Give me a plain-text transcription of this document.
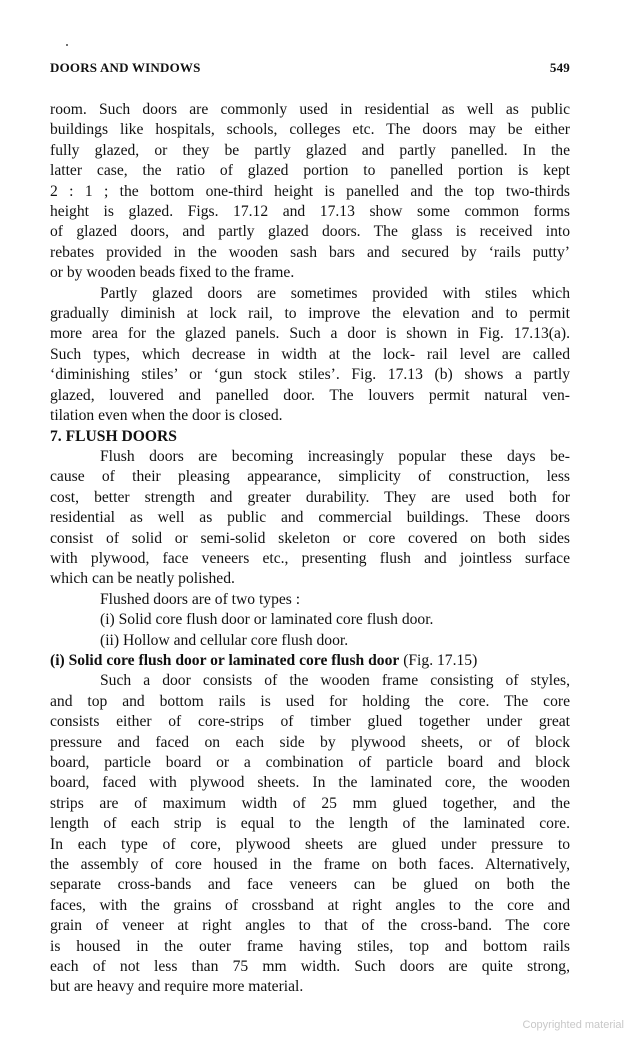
DOORS AND WINDOWS	549
room. Such doors are commonly used in residential as well as public
buildings like hospitals, schools, colleges etc. The doors may be either
fully glazed, or they be partly glazed and partly panelled. In the
latter case, the ratio of glazed portion to panelled portion is kept
2 : 1 ; the bottom one-third height is panelled and the top two-thirds
height is glazed. Figs. 17.12 and 17.13 show some common forms
of glazed doors, and partly glazed doors. The glass is received into
rebates provided in the wooden sash bars and secured by ‘rails putty’
or by wooden beads fixed to the frame.
Partly glazed doors are sometimes provided with stiles which
gradually diminish at lock rail, to improve the elevation and to permit
more area for the glazed panels. Such a door is shown in Fig. 17.13(a).
Such types, which decrease in width at the lock- rail level are called
‘diminishing stiles’ or ‘gun stock stiles’. Fig. 17.13 (b) shows a partly
glazed, louvered and panelled door. The louvers permit natural ven-
tilation even when the door is closed.
7. FLUSH DOORS
Flush doors are becoming increasingly popular these days be-
cause of their pleasing appearance, simplicity of construction, less
cost, better strength and greater durability. They are used both for
residential as well as public and commercial buildings. These doors
consist of solid or semi-solid skeleton or core covered on both sides
with plywood, face veneers etc., presenting flush and jointless surface
which can be neatly polished.
Flushed doors are of two types :
(i) Solid core flush door or laminated core flush door.
(ii) Hollow and cellular core flush door.
(i) Solid core flush door or laminated core flush door (Fig. 17.15)
Such a door consists of the wooden frame consisting of styles,
and top and bottom rails is used for holding the core. The core
consists either of core-strips of timber glued together under great
pressure and faced on each side by plywood sheets, or of block
board, particle board or a combination of particle board and block
board, faced with plywood sheets. In the laminated core, the wooden
strips are of maximum width of 25 mm glued together, and the
length of each strip is equal to the length of the laminated core.
In each type of core, plywood sheets are glued under pressure to
the assembly of core housed in the frame on both faces. Alternatively,
separate cross-bands and face veneers can be glued on both the
faces, with the grains of crossband at right angles to the core and
grain of veneer at right angles to that of the cross-band. The core
is housed in the outer frame having stiles, top and bottom rails
each of not less than 75 mm width. Such doors are quite strong,
but are heavy and require more material.
Copyrighted material
